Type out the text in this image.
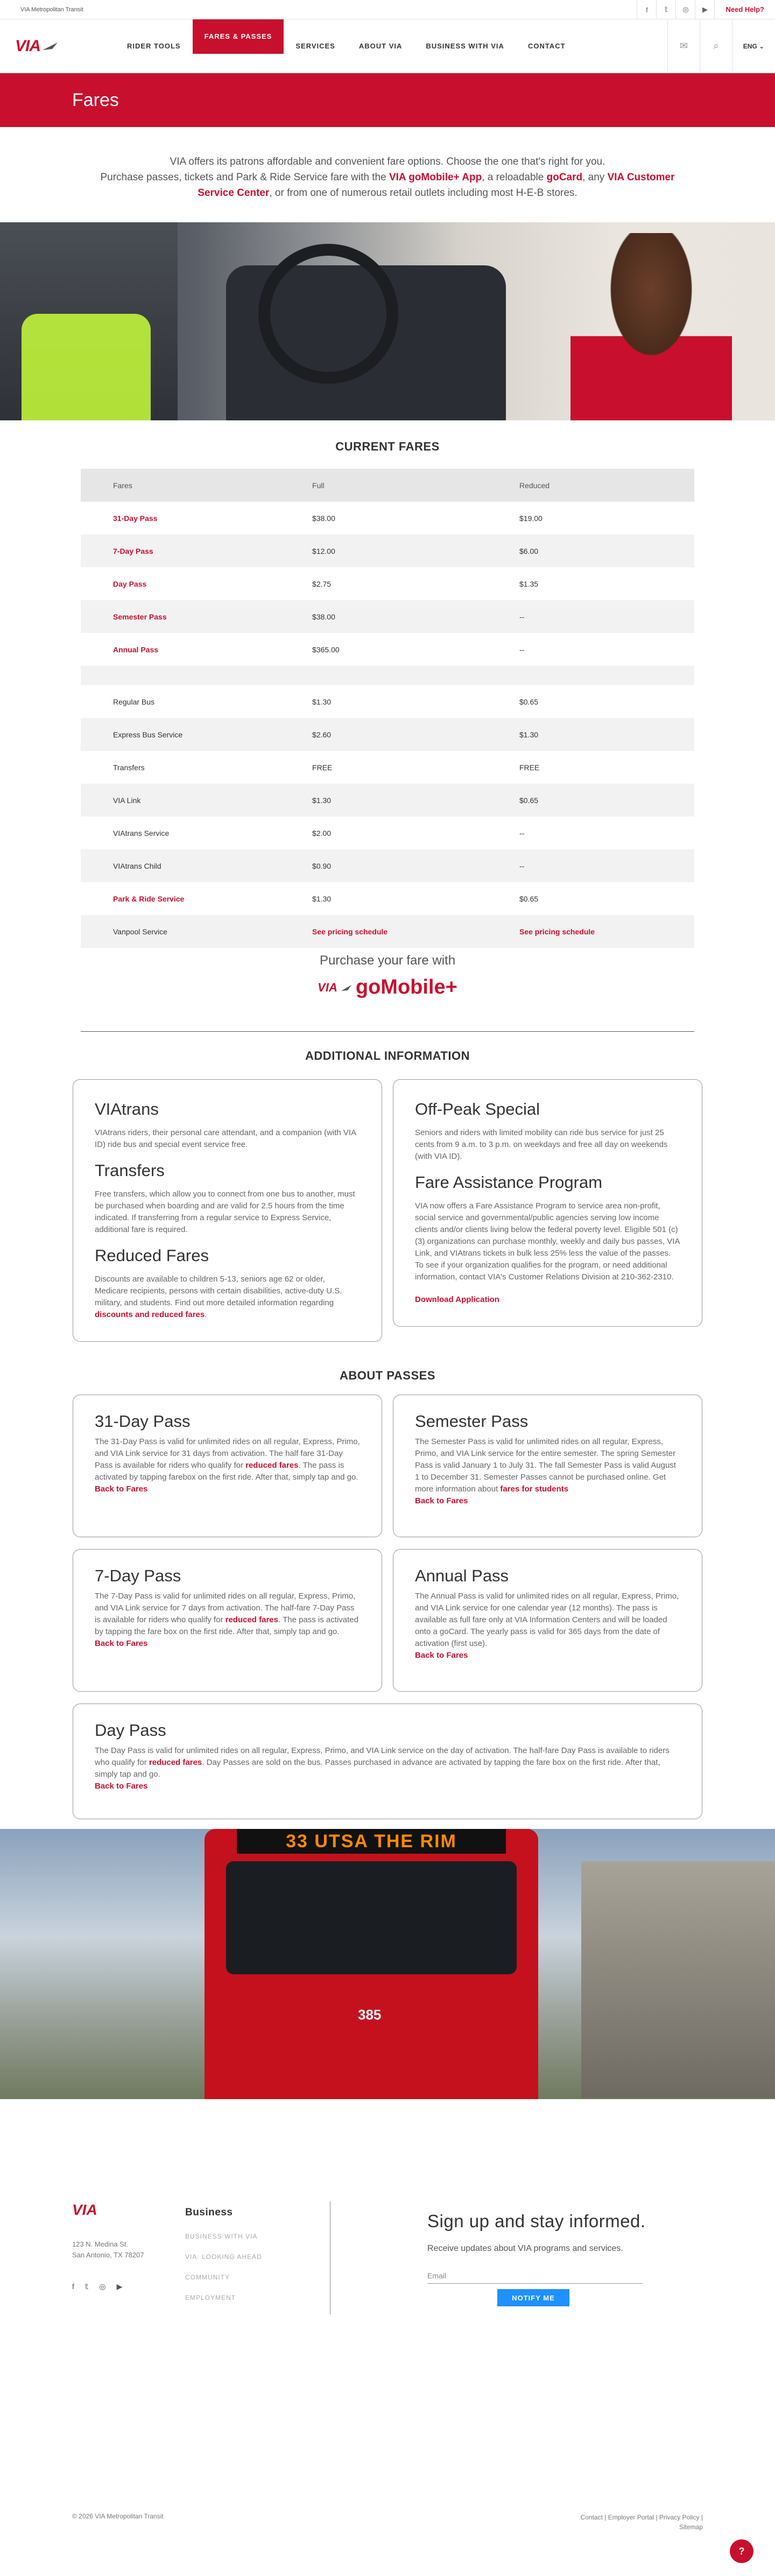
VIA Metropolitan Transit	f	𝕥	◎	▶	Need Help?
VIA	RIDER TOOLS
FARES & PASSES
SERVICES	ABOUT VIA	BUSINESS WITH VIA	CONTACT	✉	⌕	ENG
⌄
Fares
VIA offers its patrons affordable and convenient fare options. Choose the one that's right for you.
Purchase passes, tickets and Park & Ride Service fare with the VIA goMobile+ App, a reloadable goCard, any VIA Customer Service Center, or from one of numerous retail outlets including most H-E-B stores.
CURRENT FARES
Fares	Full	Reduced
31-Day Pass	$38.00	$19.00
7-Day Pass	$12.00	$6.00
Day Pass	$2.75	$1.35
Semester Pass	$38.00	--
Annual Pass	$365.00	--

Regular Bus	$1.30	$0.65
Express Bus Service	$2.60	$1.30
Transfers	FREE	FREE
VIA Link	$1.30	$0.65
VIAtrans Service	$2.00	--
VIAtrans Child	$0.90	--
Park & Ride Service	$1.30	$0.65
Vanpool Service	See pricing schedule	See pricing schedule
Purchase your fare with
VIA goMobile+
ADDITIONAL INFORMATION
VIAtrans

VIAtrans riders, their personal care attendant, and a companion (with VIA ID) ride bus and special event service free.

Transfers

Free transfers, which allow you to connect from one bus to another, must be purchased when boarding and are valid for 2.5 hours from the time indicated. If transferring from a regular service to Express Service, additional fare is required.

Reduced Fares

Discounts are available to children 5-13, seniors age 62 or older, Medicare recipients, persons with certain disabilities, active-duty U.S. military, and students. Find out more detailed information regarding discounts and reduced fares.

Off-Peak Special

Seniors and riders with limited mobility can ride bus service for just 25 cents from 9 a.m. to 3 p.m. on weekdays and free all day on weekends (with VIA ID).

Fare Assistance Program

VIA now offers a Fare Assistance Program to service area non-profit, social service and governmental/public agencies serving low income clients and/or clients living below the federal poverty level. Eligible 501 (c) (3) organizations can purchase monthly, weekly and daily bus passes, VIA Link, and VIAtrans tickets in bulk less 25% less the value of the passes. To see if your organization qualifies for the program, or need additional information, contact VIA's Customer Relations Division at 210-362-2310.

Download Application

ABOUT PASSES
31-Day Pass

The 31-Day Pass is valid for unlimited rides on all regular, Express, Primo, and VIA Link service for 31 days from activation. The half fare 31-Day Pass is available for riders who qualify for reduced fares. The pass is activated by tapping farebox on the first ride. After that, simply tap and go.

Back to Fares
Semester Pass

The Semester Pass is valid for unlimited rides on all regular, Express, Primo, and VIA Link service for the entire semester. The spring Semester Pass is valid January 1 to July 31. The fall Semester Pass is valid August 1 to December 31. Semester Passes cannot be purchased online. Get more information about fares for students

Back to Fares
7-Day Pass

The 7-Day Pass is valid for unlimited rides on all regular, Express, Primo, and VIA Link service for 7 days from activation. The half-fare 7-Day Pass is available for riders who qualify for reduced fares. The pass is activated by tapping the fare box on the first ride. After that, simply tap and go.

Back to Fares
Annual Pass

The Annual Pass is valid for unlimited rides on all regular, Express, Primo, and VIA Link service for one calendar year (12 months). The pass is available as full fare only at VIA Information Centers and will be loaded onto a goCard. The yearly pass is valid for 365 days from the date of activation (first use).

Back to Fares
Day Pass

The Day Pass is valid for unlimited rides on all regular, Express, Primo, and VIA Link service on the day of activation. The half-fare Day Pass is available to riders who qualify for reduced fares. Day Passes are sold on the bus. Passes purchased in advance are activated by tapping the fare box on the first ride. After that, simply tap and go.

Back to Fares
33 UTSA THE RIM
385
VIA
123 N. Medina St.
San Antonio, TX 78207
f 𝕥 ◎ ▶
Business
BUSINESS WITH VIA
VIA: LOOKING AHEAD
COMMUNITY
EMPLOYMENT
Sign up and stay informed.

Receive updates about VIA programs and services.

Email
NOTIFY ME
© 2026 VIA Metropolitan Transit	Contact | Employer Portal | Privacy Policy |
Sitemap
?
